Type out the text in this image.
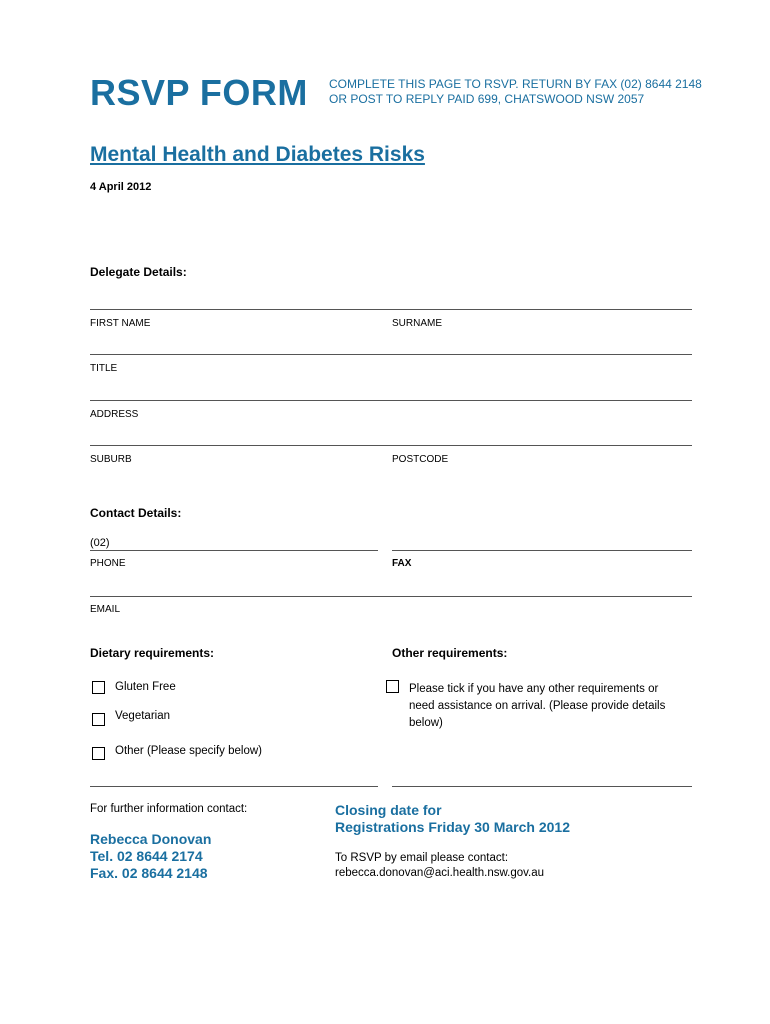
RSVP FORM COMPLETE THIS PAGE TO RSVP. RETURN BY FAX (02) 8644 2148
OR POST TO REPLY PAID 699, CHATSWOOD NSW 2057
Mental Health and Diabetes Risks
4 April 2012
Delegate Details:
FIRST NAME	SURNAME
TITLE
ADDRESS
SUBURB	POSTCODE
Contact Details:
(02)
PHONE	FAX
EMAIL
Dietary requirements:
Gluten Free
Vegetarian
Other (Please specify below)
Other requirements:
Please tick if you have any other requirements or need assistance on arrival. (Please provide details below)
For further information contact:
Rebecca Donovan
Tel. 02 8644 2174
Fax. 02 8644 2148
Closing date for
Registrations Friday 30 March 2012
To RSVP by email please contact:
rebecca.donovan@aci.health.nsw.gov.au
